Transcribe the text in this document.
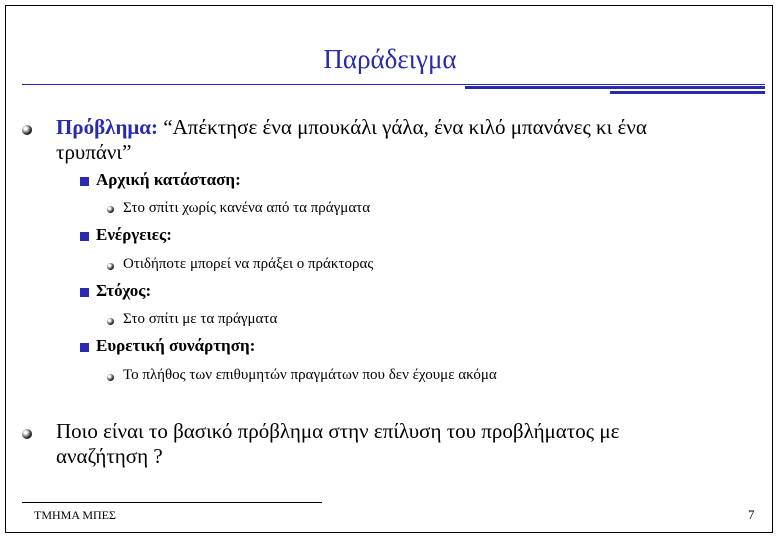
Παράδειγμα
Πρόβλημα: “Απέκτησε ένα μπουκάλι γάλα, ένα κιλό μπανάνες κι ένα
τρυπάνι”
Αρχική κατάσταση:
Στο σπίτι χωρίς κανένα από τα πράγματα
Ενέργειες:
Οτιδήποτε μπορεί να πράξει ο πράκτορας
Στόχος:
Στο σπίτι με τα πράγματα
Ευρετική συνάρτηση:
Το πλήθος των επιθυμητών πραγμάτων που δεν έχουμε ακόμα
Ποιο είναι το βασικό πρόβλημα στην επίλυση του προβλήματος με
αναζήτηση ?
ΤΜΗΜΑ ΜΠΕΣ	7
